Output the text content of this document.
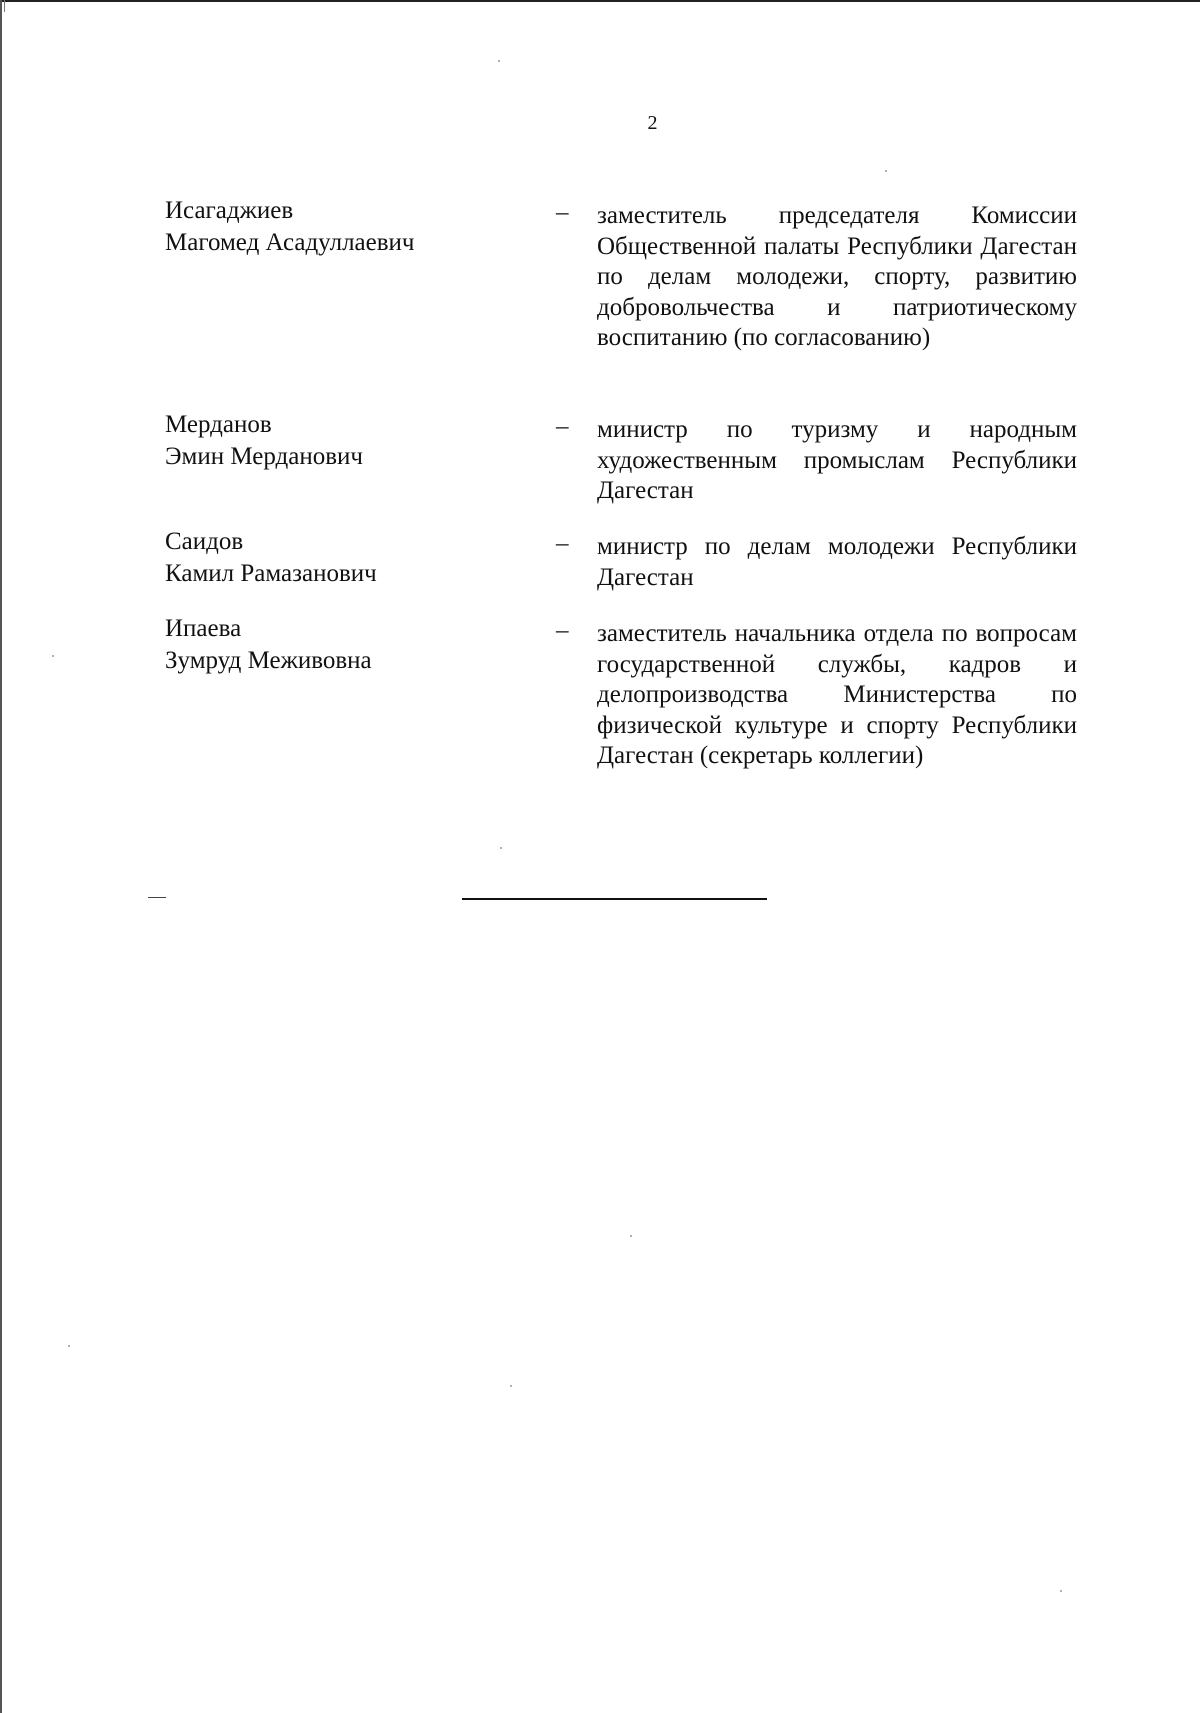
2
Исагаджиев
Магомед Асадуллаевич
– заместитель председателя Комиссии Общественной палаты Республики Дагестан по делам молодежи, спорту, развитию добровольчества и патриотическому воспитанию (по согласованию)
Мерданов
Эмин Мерданович
– министр по туризму и народным художественным промыслам Республики Дагестан
Саидов
Камил Рамазанович
– министр по делам молодежи Республики Дагестан
Ипаева
Зумруд Меживовна
– заместитель начальника отдела по вопросам государственной службы, кадров и делопроизводства Министерства по физической культуре и спорту Республики Дагестан (секретарь коллегии)
